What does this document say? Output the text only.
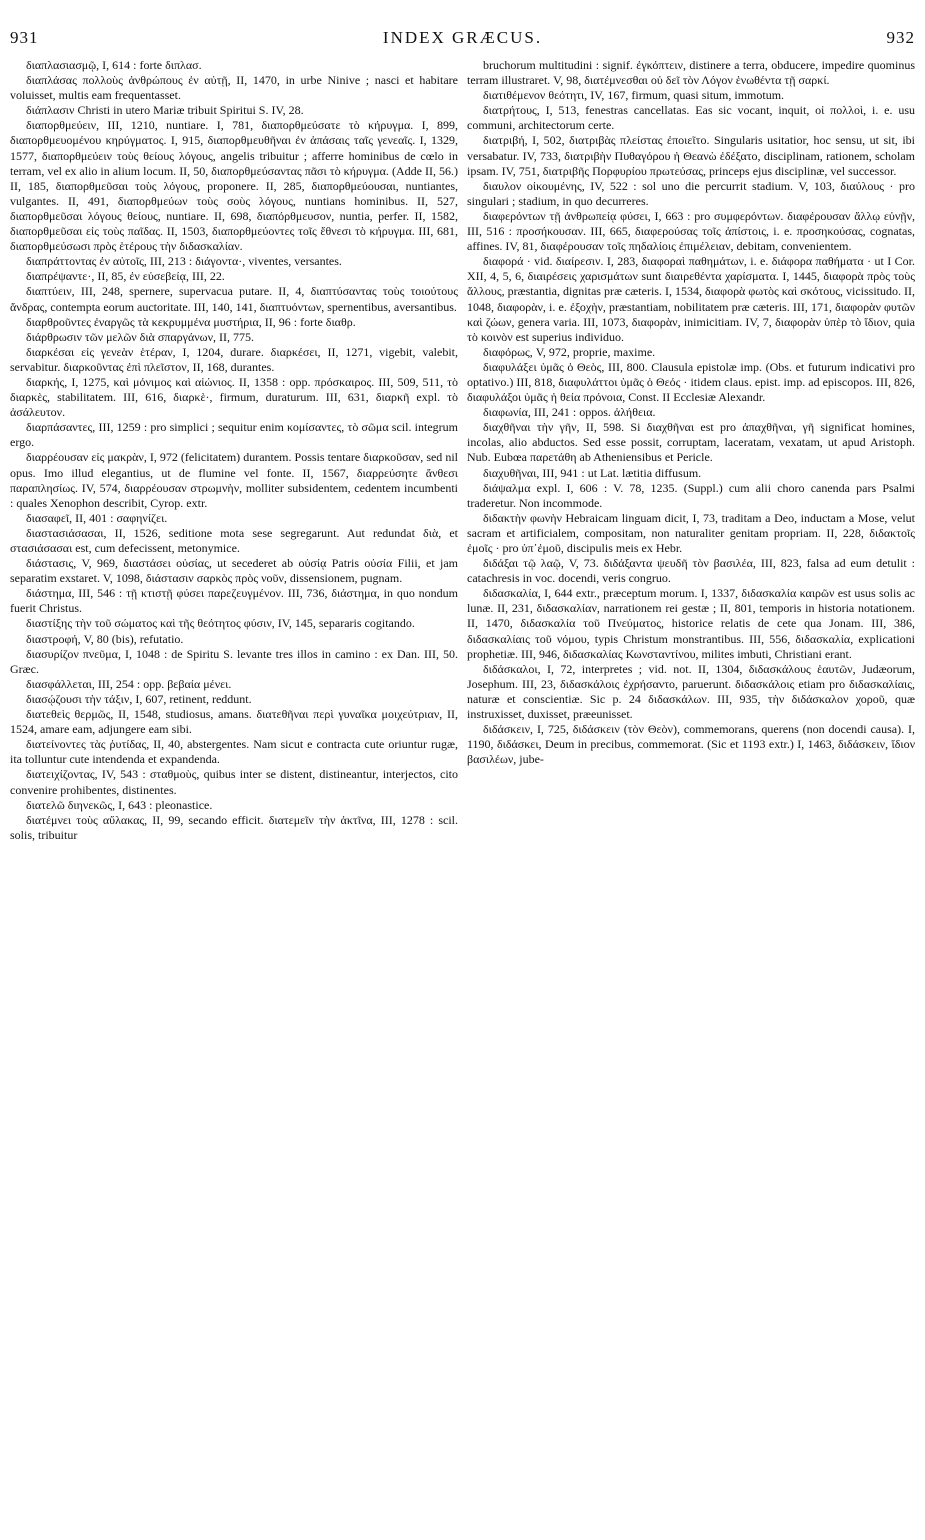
931	INDEX GRÆCUS.	932

διαπλασιασμῷ, I, 614 : forte διπλασ.

διαπλάσας πολλοὺς ἀνθρώπους ἐν αὐτῇ, II, 1470, in urbe Ninive ; nasci et habitare voluisset, multis eam frequentasset.

διάπλασιν Christi in utero Mariæ tribuit Spiritui S. IV, 28.

διαπορθμεύειν, III, 1210, nuntiare. I, 781, διαπορθμεύσατε τὸ κήρυγμα. I, 899, διαπορθμευομένου κηρύγματος. I, 915, διαπορθμευθῆναι ἐν ἁπάσαις ταῖς γενεαῖς. I, 1329, 1577, διαπορθμεύειν τοὺς θείους λόγους, angelis tribuitur ; afferre hominibus de cœlo in terram, vel ex alio in alium locum. II, 50, διαπορθμεύσαντας πᾶσι τὸ κήρυγμα. (Adde II, 56.) II, 185, διαπορθμεῦσαι τοὺς λόγους, proponere. II, 285, διαπορθμεύουσαι, nuntiantes, vulgantes. II, 491, διαπορθμεύων τοὺς σοὺς λόγους, nuntians hominibus. II, 527, διαπορθμεῦσαι λόγους θείους, nuntiare. II, 698, διαπόρθμευσον, nuntia, perfer. II, 1582, διαπορθμεῦσαι εἰς τοὺς παῖδας. II, 1503, διαπορθμεύοντες τοῖς ἔθνεσι τὸ κήρυγμα. III, 681, διαπορθμεύσωσι πρὸς ἑτέρους τὴν διδασκαλίαν.

διαπράττοντας ἐν αὐτοῖς, III, 213 : διάγοντα·, viventes, versantes.

διαπρέψαντε·, II, 85, ἐν εὐσεβείᾳ, III, 22.

διαπτύειν, III, 248, spernere, supervacua putare. II, 4, διαπτύσαντας τοὺς τοιούτους ἄνδρας, contempta eorum auctoritate. III, 140, 141, διαπτυόντων, spernentibus, aversantibus.

διαρθροῦντες ἐναργῶς τὰ κεκρυμμένα μυστήρια, II, 96 : forte διαθρ.

διάρθρωσιν τῶν μελῶν διὰ σπαργάνων, II, 775.

διαρκέσαι εἰς γενεὰν ἑτέραν, I, 1204, durare. διαρκέσει, II, 1271, vigebit, valebit, servabitur. διαρκοῦντας ἐπὶ πλεῖστον, II, 168, durantes.

διαρκής, I, 1275, καὶ μόνιμος καὶ αἰώνιος. II, 1358 : opp. πρόσκαιρος. III, 509, 511, τὸ διαρκὲς, stabilitatem. III, 616, διαρκὲ·, firmum, duraturum. III, 631, διαρκῆ expl. τὸ ἀσάλευτον.

διαρπάσαντες, III, 1259 : pro simplici ; sequitur enim κομίσαντες, τὸ σῶμα scil. integrum ergo.

διαρρέουσαν εἰς μακρὰν, I, 972 (felicitatem) durantem. Possis tentare διαρκοῦσαν, sed nil opus. Imo illud elegantius, ut de flumine vel fonte. II, 1567, διαρρεύσητε ἄνθεσι παραπλησίως. IV, 574, διαρρέουσαν στρωμνὴν, molliter subsidentem, cedentem incumbenti : quales Xenophon describit, Cyrop. extr.

διασαφεῖ, II, 401 : σαφηνίζει.

διαστασιάσασαι, II, 1526, seditione mota sese segregarunt. Aut redundat διὰ, et στασιάσασαι est, cum defecissent, metonymice.

διάστασις, V, 969, διαστάσει οὐσίας, ut secederet ab οὐσίᾳ Patris οὐσία Filii, et jam separatim exstaret. V, 1098, διάστασιν σαρκὸς πρὸς νοῦν, dissensionem, pugnam.

διάστημα, III, 546 : τῇ κτιστῇ φύσει παρεζευγμένον. III, 736, διάστημα, in quo nondum fuerit Christus.

διαστίξης τὴν τοῦ σώματος καὶ τῆς θεότητος φύσιν, IV, 145, separaris cogitando.

διαστροφή, V, 80 (bis), refutatio.

διασυρίζον πνεῦμα, I, 1048 : de Spiritu S. levante tres illos in camino : ex Dan. III, 50. Græc.

διασφάλλεται, III, 254 : opp. βεβαία μένει.

διασῴζουσι τὴν τάξιν, I, 607, retinent, reddunt.

διατεθεὶς θερμῶς, II, 1548, studiosus, amans. διατεθῆναι περὶ γυναῖκα μοιχεύτριαν, II, 1524, amare eam, adjungere eam sibi.

διατείνοντες τὰς ῥυτίδας, II, 40, abstergentes. Nam sicut e contracta cute oriuntur rugæ, ita tolluntur cute intendenda et expandenda.

διατειχίζοντας, IV, 543 : σταθμοὺς, quibus inter se distent, distineantur, interjectos, cito convenire prohibentes, distinentes.

διατελῶ διηνεκῶς, I, 643 : pleonastice.

διατέμνει τοὺς αὔλακας, II, 99, secando efficit. διατεμεῖν τὴν ἀκτῖνα, III, 1278 : scil. solis, tribuitur

bruchorum multitudini : signif. ἐγκόπτειν, distinere a terra, obducere, impedire quominus terram illustraret. V, 98, διατέμνεσθαι οὐ δεῖ τὸν Λόγον ἑνωθέντα τῇ σαρκί.

διατιθέμενον θεότητι, IV, 167, firmum, quasi situm, immotum.

διατρήτους, I, 513, fenestras cancellatas. Eas sic vocant, inquit, οἱ πολλοὶ, i. e. usu communi, architectorum certe.

διατριβή, I, 502, διατριβὰς πλείστας ἐποιεῖτο. Singularis usitatior, hoc sensu, ut sit, ibi versabatur. IV, 733, διατριβὴν Πυθαγόρου ἡ Θεανὼ ἐδέξατο, disciplinam, rationem, scholam ipsam. IV, 751, διατριβῆς Πορφυρίου πρωτεύσας, princeps ejus disciplinæ, vel successor.

διαυλον οἰκουμένης, IV, 522 : sol uno die percurrit stadium. V, 103, διαύλους · pro singulari ; stadium, in quo decurreres.

διαφερόντων τῇ ἀνθρωπείᾳ φύσει, I, 663 : pro συμφερόντων. διαφέρουσαν ἄλλῳ εὐνῇν, III, 516 : προσήκουσαν. III, 665, διαφερούσας τοῖς ἀπίστοις, i. e. προσηκούσας, cognatas, affines. IV, 81, διαφέρουσαν τοῖς πηδαλίοις ἐπιμέλειαν, debitam, convenientem.

διαφορά · vid. διαίρεσιν. I, 283, διαφοραὶ παθημάτων, i. e. διάφορα παθήματα · ut I Cor. XII, 4, 5, 6, διαιρέσεις χαρισμάτων sunt διαιρεθέντα χαρίσματα. I, 1445, διαφορὰ πρὸς τοὺς ἄλλους, præstantia, dignitas præ cæteris. I, 1534, διαφορὰ φωτὸς καὶ σκότους, vicissitudo. II, 1048, διαφορὰν, i. e. ἐξοχὴν, præstantiam, nobilitatem præ cæteris. III, 171, διαφορὰν φυτῶν καὶ ζώων, genera varia. III, 1073, διαφορὰν, inimicitiam. IV, 7, διαφορὰν ὑπὲρ τὸ ἴδιον, quia τὸ κοινὸν est superius individuo.

διαφόρως, V, 972, proprie, maxime.

διαφυλάξει ὑμᾶς ὁ Θεὸς, III, 800. Clausula epistolæ imp. (Obs. et futurum indicativi pro optativo.) III, 818, διαφυλάττοι ὑμᾶς ὁ Θεός · itidem claus. epist. imp. ad episcopos. III, 826, διαφυλάξοι ὑμᾶς ἡ θεία πρόνοια, Const. II Ecclesiæ Alexandr.

διαφωνία, III, 241 : oppos. ἀλήθεια.

διαχθῆναι τὴν γῆν, II, 598. Si διαχθῆναι est pro ἀπαχθῆναι, γῆ significat homines, incolas, alio abductos. Sed esse possit, corruptam, laceratam, vexatam, ut apud Aristoph. Nub. Eubœa παρετάθη ab Atheniensibus et Pericle.

διαχυθῆναι, III, 941 : ut Lat. lætitia diffusum.

διάψαλμα expl. I, 606 : V. 78, 1235. (Suppl.) cum alii choro canenda pars Psalmi traderetur. Non incommode.

διδακτὴν φωνὴν Hebraicam linguam dicit, I, 73, traditam a Deo, inductam a Mose, velut sacram et artificialem, compositam, non naturaliter genitam propriam. II, 228, διδακτοῖς ἐμοῖς · pro ὑπ᾽ἐμοῦ, discipulis meis ex Hebr.

διδάξαι τῷ λαῷ, V, 73. διδάξαντα ψευδῆ τὸν βασιλέα, III, 823, falsa ad eum detulit : catachresis in voc. docendi, veris congruo.

διδασκαλία, I, 644 extr., præceptum morum. I, 1337, διδασκαλία καιρῶν est usus solis ac lunæ. II, 231, διδασκαλίαν, narrationem rei gestæ ; II, 801, temporis in historia notationem. II, 1470, διδασκαλία τοῦ Πνεύματος, historice relatis de cete qua Jonam. III, 386, διδασκαλίαις τοῦ νόμου, typis Christum monstrantibus. III, 556, διδασκαλία, explicationi prophetiæ. III, 946, διδασκαλίας Κωνσταντίνου, milites imbuti, Christiani erant.

διδάσκαλοι, I, 72, interpretes ; vid. not. II, 1304, διδασκάλους ἑαυτῶν, Judæorum, Josephum. III, 23, διδασκάλοις ἐχρήσαντο, paruerunt. διδασκάλοις etiam pro διδασκαλίαις, naturæ et conscientiæ. Sic p. 24 διδασκάλων. III, 935, τὴν διδάσκαλον χοροῦ, quæ instruxisset, duxisset, præeunisset.

διδάσκειν, I, 725, διδάσκειν (τὸν Θεὸν), commemorans, querens (non docendi causa). I, 1190, διδάσκει, Deum in precibus, commemorat. (Sic et 1193 extr.) I, 1463, διδάσκειν, ἴδιον βασιλέων, jube-
